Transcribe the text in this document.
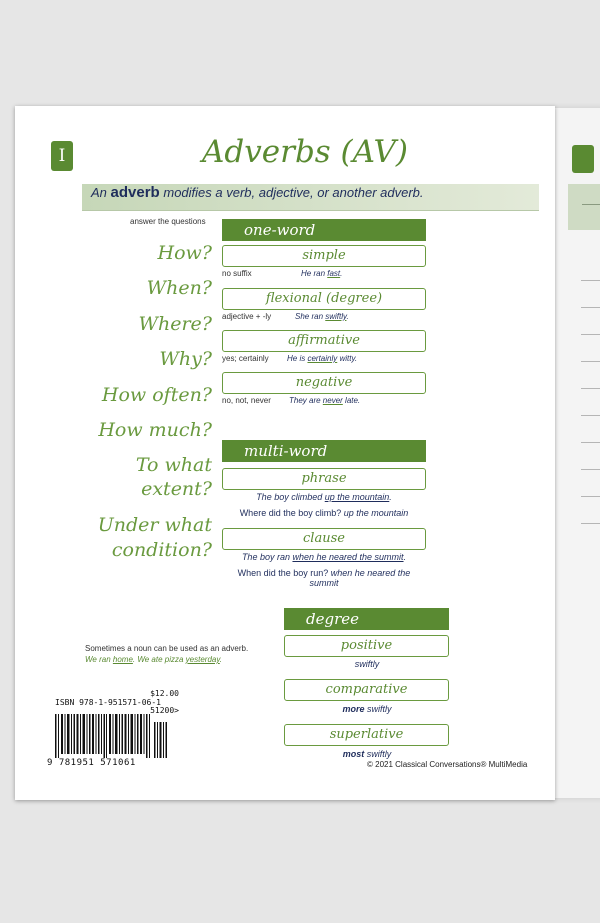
I	Adverbs (AV)
An adverb modifies a verb, adjective, or another adverb.
answer the questions
How?
When?
Where?
Why?
How often?
How much?
To what
extent?
Under what
condition?
one-word
simple
no suffix	He ran fast.
flexional (degree)
adjective + -ly	She ran swiftly.
affirmative
yes; certainly He is certainly witty.
negative
no, not, never They are never late.
multi-word
phrase
The boy climbed up the mountain.
Where did the boy climb? up the mountain
clause
The boy ran when he neared the summit.
When did the boy run? when he neared the summit
Sometimes a noun can be used as an adverb.
We ran home. We ate pizza yesterday.
degree
positive
swiftly
comparative
more swiftly
superlative
most swiftly
$12.00
ISBN 978-1-951571-06-1
51200>
9 781951 571061	© 2021 Classical Conversations® MultiMedia
